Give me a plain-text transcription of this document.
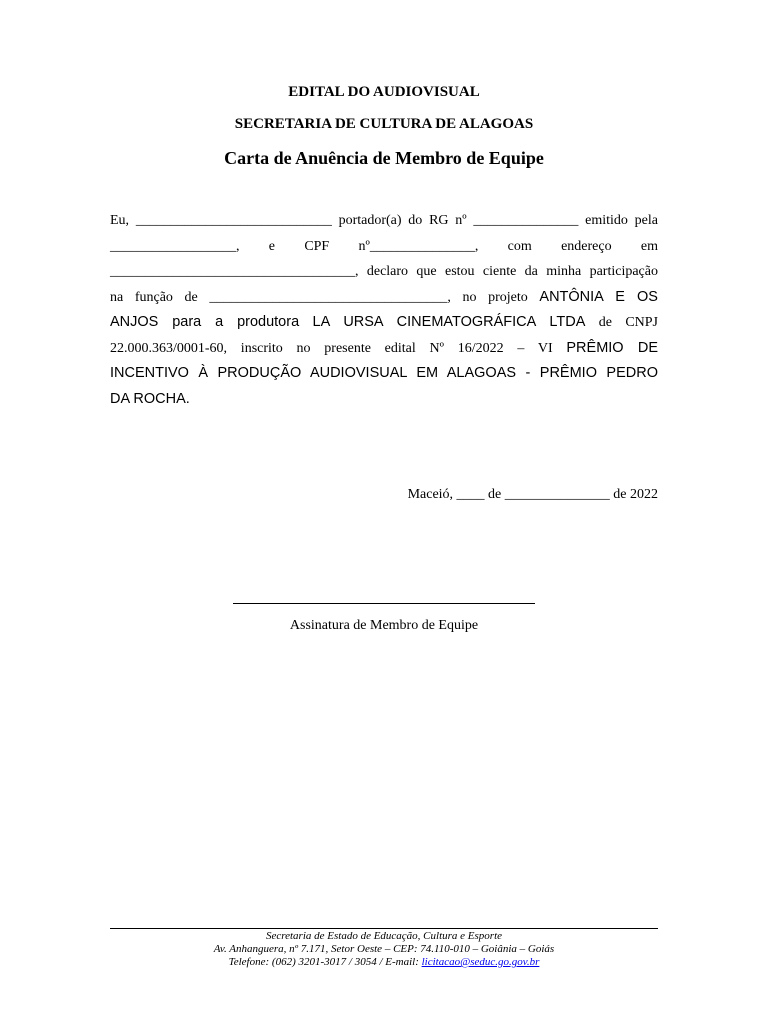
EDITAL DO AUDIOVISUAL

SECRETARIA DE CULTURA DE ALAGOAS

Carta de Anuência de Membro de Equipe

Eu, ____________________________ portador(a) do RG nº _______________ emitido pela
__________________, e CPF nº_______________, com endereço em
___________________________________, declaro que estou ciente da minha participação
na função de __________________________________, no projeto ANTÔNIA E OS
ANJOS para a produtora LA URSA CINEMATOGRÁFICA LTDA de CNPJ
22.000.363/0001-60, inscrito no presente edital Nº 16/2022 – VI PRÊMIO DE
INCENTIVO À PRODUÇÃO AUDIOVISUAL EM ALAGOAS - PRÊMIO PEDRO
DA ROCHA.

Maceió, ____ de _______________ de 2022

Assinatura de Membro de Equipe

Secretaria de Estado de Educação, Cultura e Esporte

Av. Anhanguera, nº 7.171, Setor Oeste – CEP: 74.110-010 – Goiânia – Goiás

Telefone: (062) 3201-3017 / 3054 / E-mail: licitacao@seduc.go.gov.br
